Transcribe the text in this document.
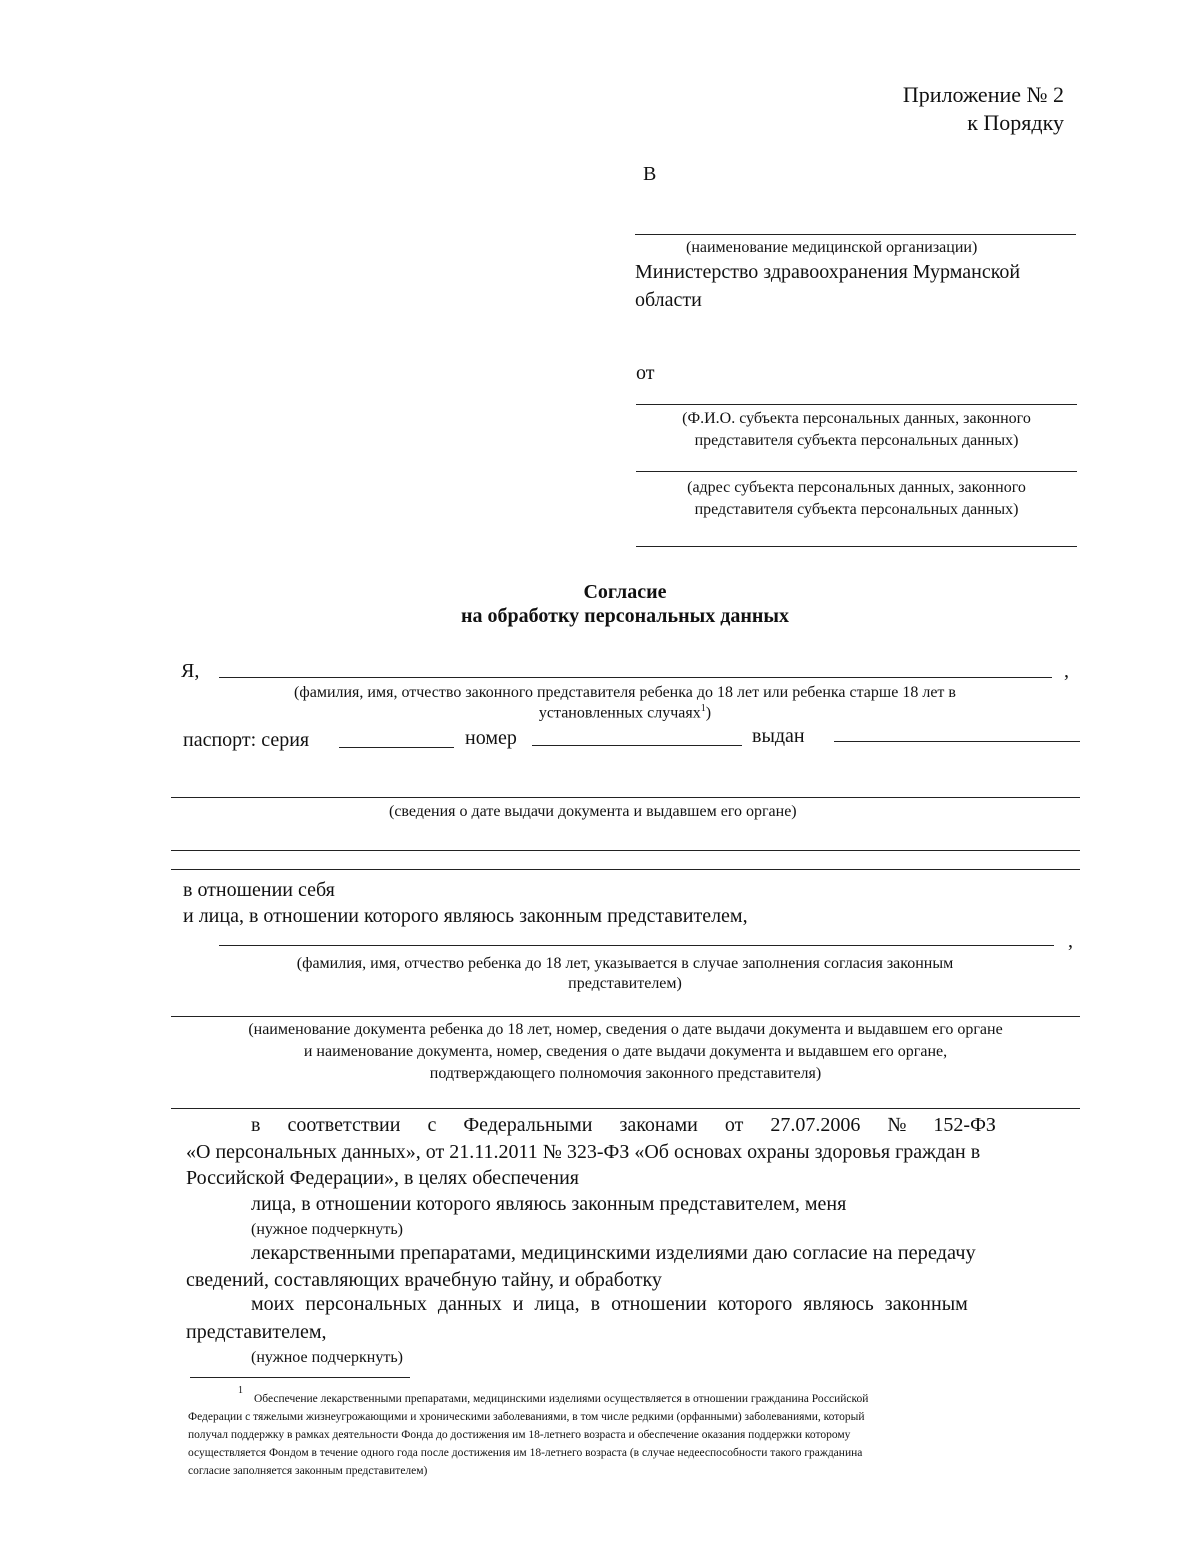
Приложение № 2
к Порядку
В
(наименование медицинской организации)
Министерство здравоохранения Мурманской
области
от
(Ф.И.О. субъекта персональных данных, законного
представителя субъекта персональных данных)
(адрес субъекта персональных данных, законного
представителя субъекта персональных данных)
Согласие
на обработку персональных данных
Я,	,
(фамилия, имя, отчество законного представителя ребенка до 18 лет или ребенка старше 18 лет в
установленных случаях$^1$)
паспорт: серия	номер	выдан
(сведения о дате выдачи документа и выдавшем его органе)
в отношении себя
и лица, в отношении которого являюсь законным представителем,
,
(фамилия, имя, отчество ребенка до 18 лет, указывается в случае заполнения согласия законным
представителем)
(наименование документа ребенка до 18 лет, номер, сведения о дате выдачи документа и выдавшем его органе
и наименование документа, номер, сведения о дате выдачи документа и выдавшем его органе,
подтверждающего полномочия законного представителя)
в   соответствии   с   Федеральными   законами   от   27.07.2006   №   152-ФЗ
«О персональных данных», от 21.11.2011 № 323-ФЗ «Об основах охраны здоровья граждан в
Российской Федерации», в целях обеспечения
лица, в отношении которого являюсь законным представителем, меня
(нужное подчеркнуть)
лекарственными препаратами, медицинскими изделиями даю согласие на передачу
сведений, составляющих врачебную тайну, и обработку
моих персональных данных и лица, в отношении которого являюсь законным
представителем,
(нужное подчеркнуть)
1
Обеспечение лекарственными препаратами, медицинскими изделиями осуществляется в отношении гражданина Российской
Федерации с тяжелыми жизнеугрожающими и хроническими заболеваниями, в том числе редкими (орфанными) заболеваниями, который
получал поддержку в рамках деятельности Фонда до достижения им 18-летнего возраста и обеспечение оказания поддержки которому
осуществляется Фондом в течение одного года после достижения им 18-летнего возраста (в случае недееспособности такого гражданина
согласие заполняется законным представителем)
